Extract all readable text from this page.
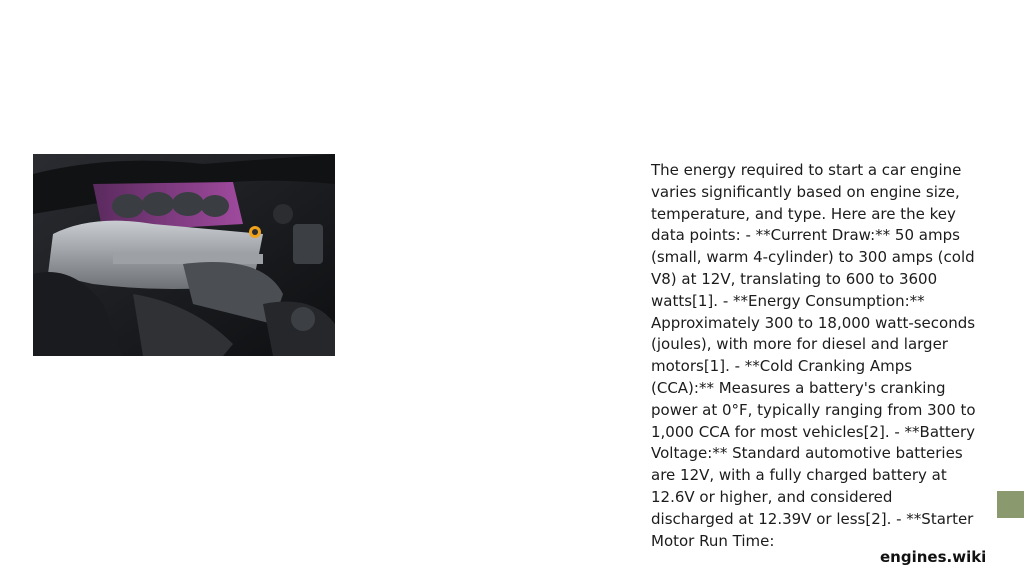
The energy required to start a car engine varies significantly based on engine size, temperature, and type. Here are the key data points: - **Current Draw:** 50 amps (small, warm 4-cylinder) to 300 amps (cold V8) at 12V, translating to 600 to 3600 watts[1]. - **Energy Consumption:** Approximately 300 to 18,000 watt-seconds (joules), with more for diesel and larger motors[1]. - **Cold Cranking Amps (CCA):** Measures a battery's cranking power at 0°F, typically ranging from 300 to 1,000 CCA for most vehicles[2]. - **Battery Voltage:** Standard automotive batteries are 12V, with a fully charged battery at 12.6V or higher, and considered discharged at 12.39V or less[2]. - **Starter Motor Run Time:
engines.wiki
